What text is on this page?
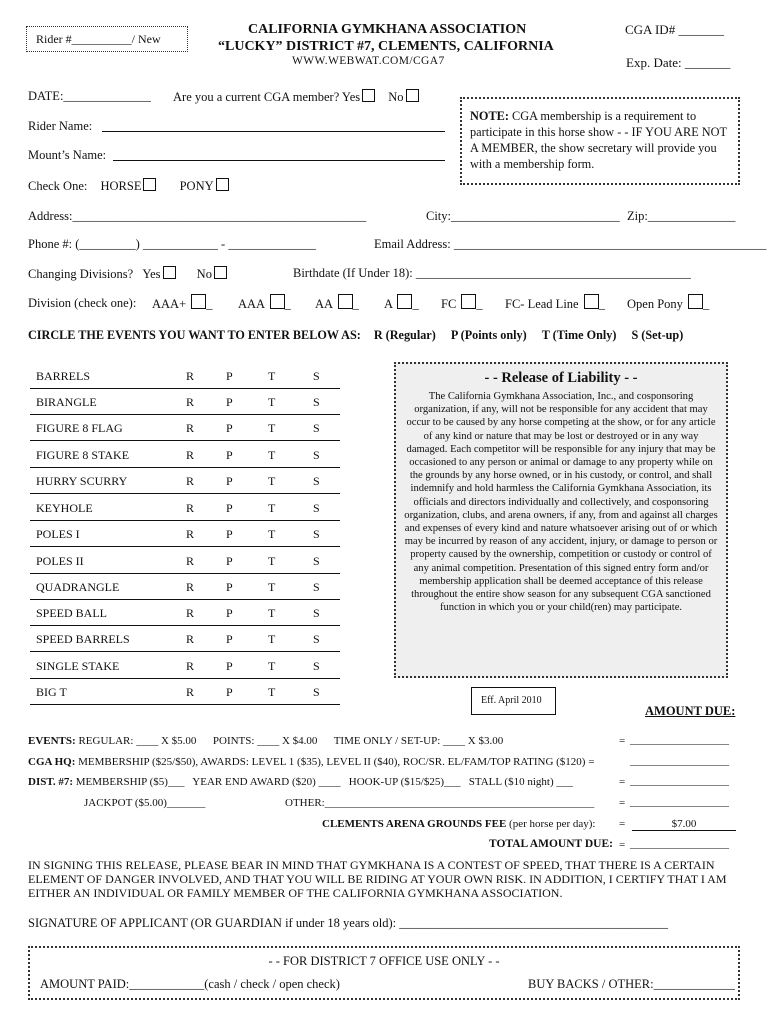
Rider #__________/ New
CALIFORNIA GYMKHANA ASSOCIATION
“LUCKY” DISTRICT #7, CLEMENTS, CALIFORNIA
WWW.WEBWAT.COM/CGA7
CGA ID# _______
Exp. Date: _______
DATE:______________ Are you a current CGA member? Yes No
NOTE: CGA membership is a requirement to participate in this horse show - - IF YOU ARE NOT A MEMBER, the show secretary will provide you with a membership form.
Rider Name:
Mount’s Name:
Check One: HORSE	PONY
Address:_______________________________________________	City:___________________________ Zip:______________
Phone #: (_________) ____________ - ______________	Email Address: __________________________________________________
Changing Divisions? Yes	No	Birthdate (If Under 18): ____________________________________________
Division (check one): AAA+ _ AAA _ AA _ A _ FC _ FC- Lead Line _ Open Pony _
CIRCLE THE EVENTS YOU WANT TO ENTER BELOW AS: R (Regular) P (Points only) T (Time Only) S (Set-up)
BARRELS	R	P	T	S
BIRANGLE	R	P	T	S
FIGURE 8 FLAG	R	P	T	S
FIGURE 8 STAKE	R	P	T	S
HURRY SCURRY	R	P	T	S
KEYHOLE	R	P	T	S
POLES I	R	P	T	S
POLES II	R	P	T	S
QUADRANGLE	R	P	T	S
SPEED BALL	R	P	T	S
SPEED BARRELS	R	P	T	S
SINGLE STAKE	R	P	T	S
BIG T	R	P	T	S
- - Release of Liability - -
The California Gymkhana Association, Inc., and cosponsoring organization, if any, will not be responsible for any accident that may occur to be caused by any horse competing at the show, or for any article of any kind or nature that may be lost or destroyed or in any way damaged. Each competitor will be responsible for any injury that may be occasioned to any person or animal or damage to any property while on the grounds by any horse owned, or in his custody, or control, and shall indemnify and hold harmless the California Gymkhana Association, its officials and directors individually and collectively, and cosponsoring organization, clubs, and arena owners, if any, from and against all charges and expenses of every kind and nature whatsoever arising out of or which may be incurred by reason of any accident, injury, or damage to person or property caused by the ownership, competition or custody or control of any animal competition. Presentation of this signed entry form and/or membership application shall be deemed acceptance of this release throughout the entire show season for any subsequent CGA sanctioned function in which you or your child(ren) may participate.
Eff. April 2010
AMOUNT DUE:
EVENTS: REGULAR: ____ X $5.00      POINTS: ____ X $4.00      TIME ONLY / SET-UP: ____ X $3.00	= __________________
CGA HQ: MEMBERSHIP ($25/$50), AWARDS: LEVEL 1 ($35), LEVEL II ($40), ROC/SR. EL/FAM/TOP RATING ($120) =	__________________
DIST. #7: MEMBERSHIP ($5)___   YEAR END AWARD ($20) ____   HOOK-UP ($15/$25)___   STALL ($10 night) ___	= __________________
JACKPOT ($5.00)_______	OTHER:_________________________________________________ = __________________
CLEMENTS ARENA GROUNDS FEE (per horse per day): =	$7.00
TOTAL AMOUNT DUE: = __________________
IN SIGNING THIS RELEASE, PLEASE BEAR IN MIND THAT GYMKHANA IS A CONTEST OF SPEED, THAT THERE IS A CERTAIN ELEMENT OF DANGER INVOLVED, AND THAT YOU WILL BE RIDING AT YOUR OWN RISK. IN ADDITION, I CERTIFY THAT I AM EITHER AN INDIVIDUAL OR FAMILY MEMBER OF THE CALIFORNIA GYMKHANA ASSOCIATION.
SIGNATURE OF APPLICANT (OR GUARDIAN if under 18 years old): ___________________________________________
- - FOR DISTRICT 7 OFFICE USE ONLY - -
AMOUNT PAID:____________(cash / check / open check)	BUY BACKS / OTHER:_____________
